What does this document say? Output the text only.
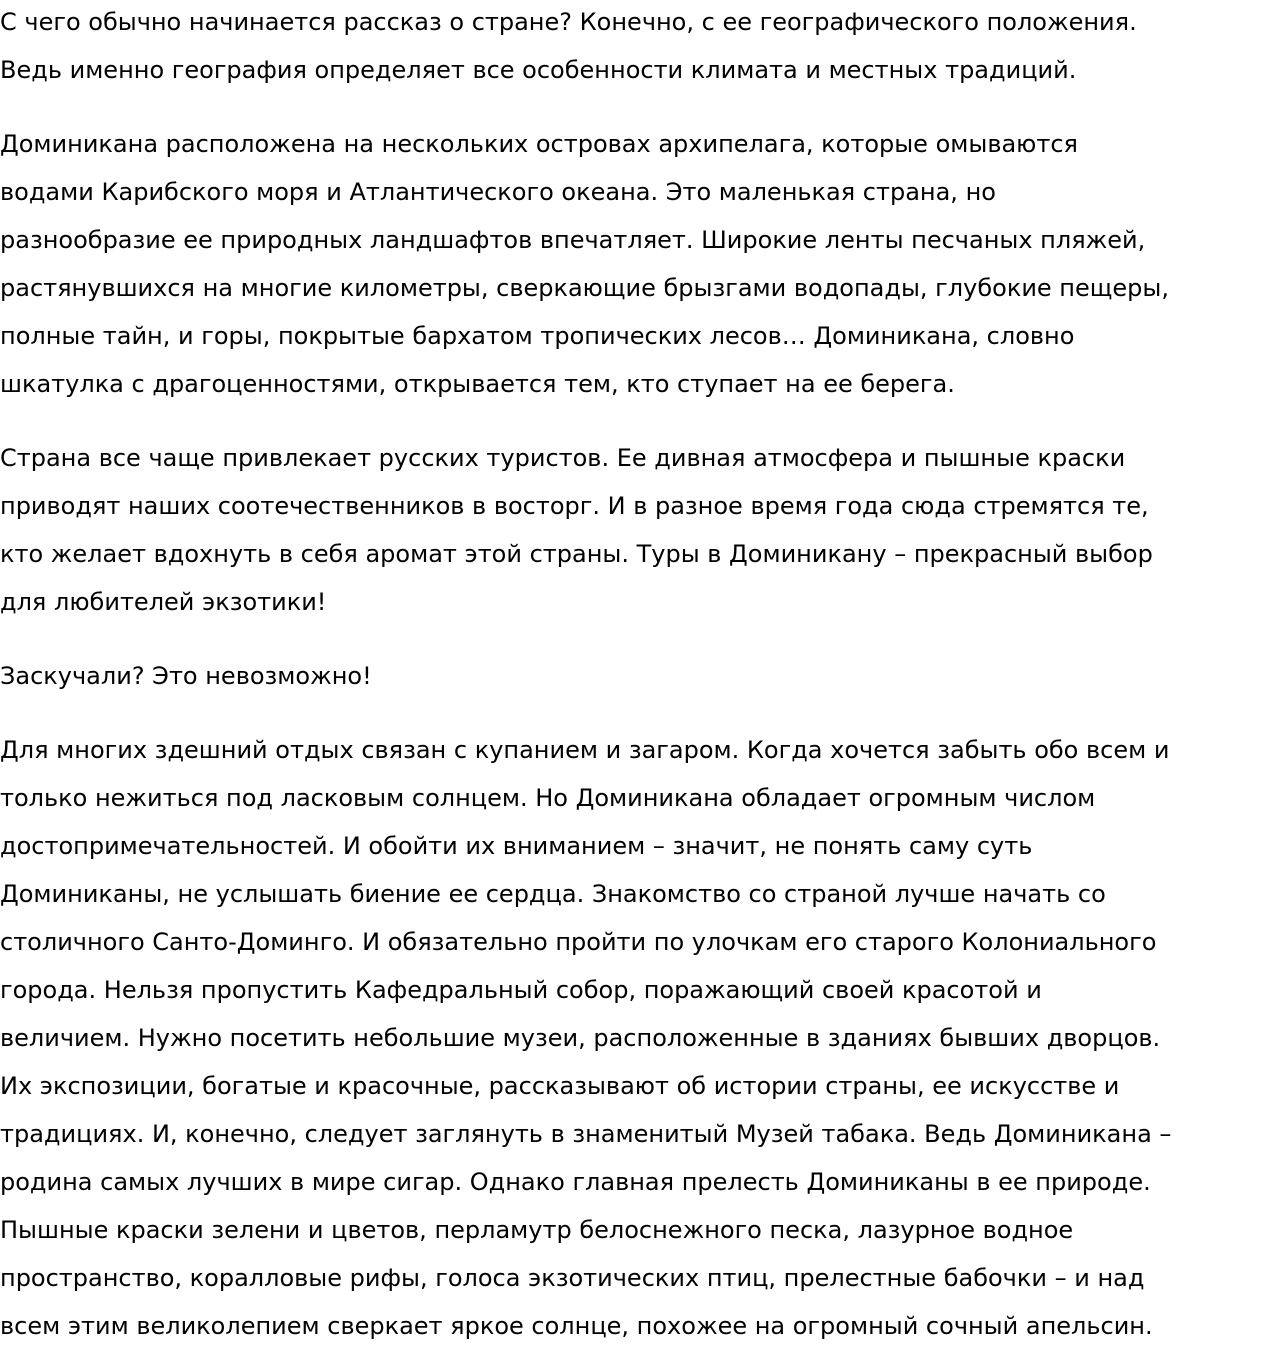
С чего обычно начинается рассказ о стране? Конечно, с ее географического положения.
Ведь именно география определяет все особенности климата и местных традиций.

Доминикана расположена на нескольких островах архипелага, которые омываются
водами Карибского моря и Атлантического океана. Это маленькая страна, но
разнообразие ее природных ландшафтов впечатляет. Широкие ленты песчаных пляжей,
растянувшихся на многие километры, сверкающие брызгами водопады, глубокие пещеры,
полные тайн, и горы, покрытые бархатом тропических лесов… Доминикана, словно
шкатулка с драгоценностями, открывается тем, кто ступает на ее берега.

Страна все чаще привлекает русских туристов. Ее дивная атмосфера и пышные краски
приводят наших соотечественников в восторг. И в разное время года сюда стремятся те,
кто желает вдохнуть в себя аромат этой страны. Туры в Доминикану – прекрасный выбор
для любителей экзотики!

Заскучали? Это невозможно!

Для многих здешний отдых связан с купанием и загаром. Когда хочется забыть обо всем и
только нежиться под ласковым солнцем. Но Доминикана обладает огромным числом
достопримечательностей. И обойти их вниманием – значит, не понять саму суть
Доминиканы, не услышать биение ее сердца. Знакомство со страной лучше начать со
столичного Санто-Доминго. И обязательно пройти по улочкам его старого Колониального
города. Нельзя пропустить Кафедральный собор, поражающий своей красотой и
величием. Нужно посетить небольшие музеи, расположенные в зданиях бывших дворцов.
Их экспозиции, богатые и красочные, рассказывают об истории страны, ее искусстве и
традициях. И, конечно, следует заглянуть в знаменитый Музей табака. Ведь Доминикана –
родина самых лучших в мире сигар. Однако главная прелесть Доминиканы в ее природе.
Пышные краски зелени и цветов, перламутр белоснежного песка, лазурное водное
пространство, коралловые рифы, голоса экзотических птиц, прелестные бабочки – и над
всем этим великолепием сверкает яркое солнце, похожее на огромный сочный апельсин.
